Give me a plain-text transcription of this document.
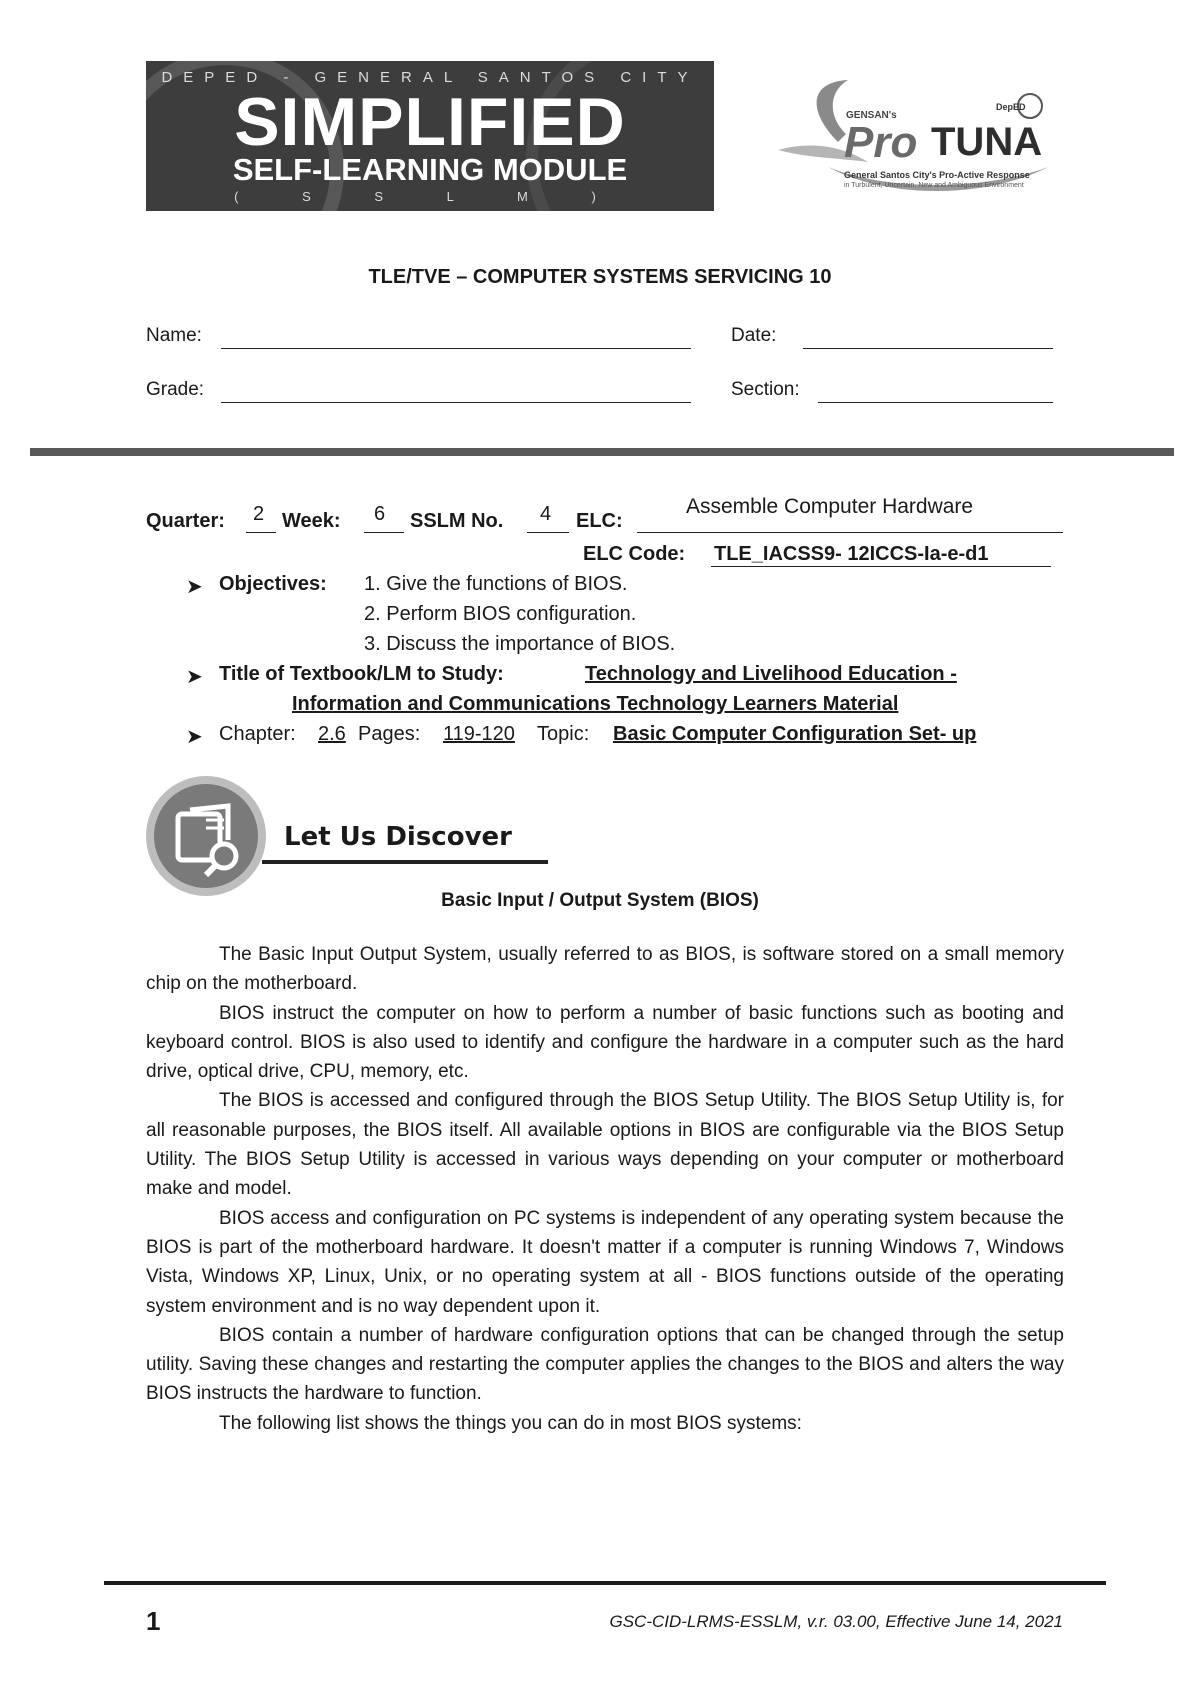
DEPED - GENERAL SANTOS CITY
SIMPLIFIED
SELF-LEARNING MODULE
( S S L M )
GENSAN's
Pro TUNA
DepED
General Santos City's Pro-Active Response
in Turbulent, Uncertain, New and Ambiguous Environment
TLE/TVE – COMPUTER SYSTEMS SERVICING 10
Name:	Date:
Grade:	Section:
Quarter: 2 Week: 6 SSLM No. 4 ELC:
Assemble Computer Hardware
ELC Code: TLE_IACSS9- 12ICCS-Ia-e-d1
➤ Objectives: 1. Give the functions of BIOS.
2. Perform BIOS configuration.
3. Discuss the importance of BIOS.
➤ Title of Textbook/LM to Study:	Technology and Livelihood Education -
Information and Communications Technology Learners Material
➤ Chapter: 2.6 Pages: 119-120 Topic: Basic Computer Configuration Set- up
Let Us Discover
Basic Input / Output System (BIOS)

The Basic Input Output System, usually referred to as BIOS, is software stored on a small memory chip on the motherboard.

BIOS instruct the computer on how to perform a number of basic functions such as booting and keyboard control. BIOS is also used to identify and configure the hardware in a computer such as the hard drive, optical drive, CPU, memory, etc.

The BIOS is accessed and configured through the BIOS Setup Utility. The BIOS Setup Utility is, for all reasonable purposes, the BIOS itself. All available options in BIOS are configurable via the BIOS Setup Utility. The BIOS Setup Utility is accessed in various ways depending on your computer or motherboard make and model.

BIOS access and configuration on PC systems is independent of any operating system because the BIOS is part of the motherboard hardware. It doesn't matter if a computer is running Windows 7, Windows Vista, Windows XP, Linux, Unix, or no operating system at all - BIOS functions outside of the operating system environment and is no way dependent upon it.

BIOS contain a number of hardware configuration options that can be changed through the setup utility. Saving these changes and restarting the computer applies the changes to the BIOS and alters the way BIOS instructs the hardware to function.

The following list shows the things you can do in most BIOS systems:

1	GSC-CID-LRMS-ESSLM, v.r. 03.00, Effective June 14, 2021
